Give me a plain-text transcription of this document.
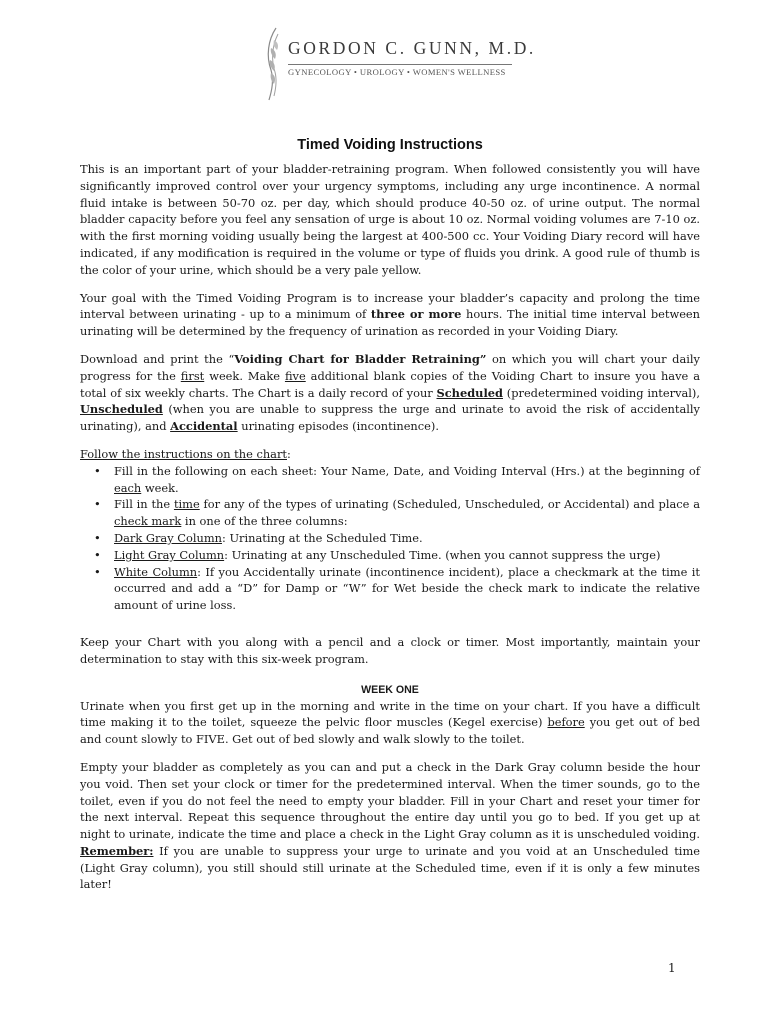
GORDON C. GUNN, M.D.
GYNECOLOGY • UROLOGY • WOMEN'S WELLNESS
Timed Voiding Instructions

This is an important part of your bladder-retraining program. When followed consistently you will have significantly improved control over your urgency symptoms, including any urge incontinence. A normal fluid intake is between 50-70 oz. per day, which should produce 40-50 oz. of urine output. The normal bladder capacity before you feel any sensation of urge is about 10 oz. Normal voiding volumes are 7-10 oz. with the first morning voiding usually being the largest at 400-500 cc. Your Voiding Diary record will have indicated, if any modification is required in the volume or type of fluids you drink. A good rule of thumb is the color of your urine, which should be a very pale yellow.

Your goal with the Timed Voiding Program is to increase your bladder’s capacity and prolong the time interval between urinating - up to a minimum of three or more hours. The initial time interval between urinating will be determined by the frequency of urination as recorded in your Voiding Diary.

Download and print the “Voiding Chart for Bladder Retraining” on which you will chart your daily progress for the first week. Make five additional blank copies of the Voiding Chart to insure you have a total of six weekly charts. The Chart is a daily record of your Scheduled (predetermined voiding interval), Unscheduled (when you are unable to suppress the urge and urinate to avoid the risk of accidentally urinating), and Accidental urinating episodes (incontinence).

Follow the instructions on the chart:

• Fill in the following on each sheet: Your Name, Date, and Voiding Interval (Hrs.) at the beginning of each week.
• Fill in the time for any of the types of urinating (Scheduled, Unscheduled, or Accidental) and place a check mark in one of the three columns:
• Dark Gray Column: Urinating at the Scheduled Time.
• Light Gray Column: Urinating at any Unscheduled Time. (when you cannot suppress the urge)
• White Column: If you Accidentally urinate (incontinence incident), place a checkmark at the time it occurred and add a “D” for Damp or “W” for Wet beside the check mark to indicate the relative amount of urine loss.

Keep your Chart with you along with a pencil and a clock or timer. Most importantly, maintain your determination to stay with this six-week program.

WEEK ONE

Urinate when you first get up in the morning and write in the time on your chart. If you have a difficult time making it to the toilet, squeeze the pelvic floor muscles (Kegel exercise) before you get out of bed and count slowly to FIVE. Get out of bed slowly and walk slowly to the toilet.

Empty your bladder as completely as you can and put a check in the Dark Gray column beside the hour you void. Then set your clock or timer for the predetermined interval. When the timer sounds, go to the toilet, even if you do not feel the need to empty your bladder. Fill in your Chart and reset your timer for the next interval. Repeat this sequence throughout the entire day until you go to bed. If you get up at night to urinate, indicate the time and place a check in the Light Gray column as it is unscheduled voiding. Remember: If you are unable to suppress your urge to urinate and you void at an Unscheduled time (Light Gray column), you still should still urinate at the Scheduled time, even if it is only a few minutes later!

1
